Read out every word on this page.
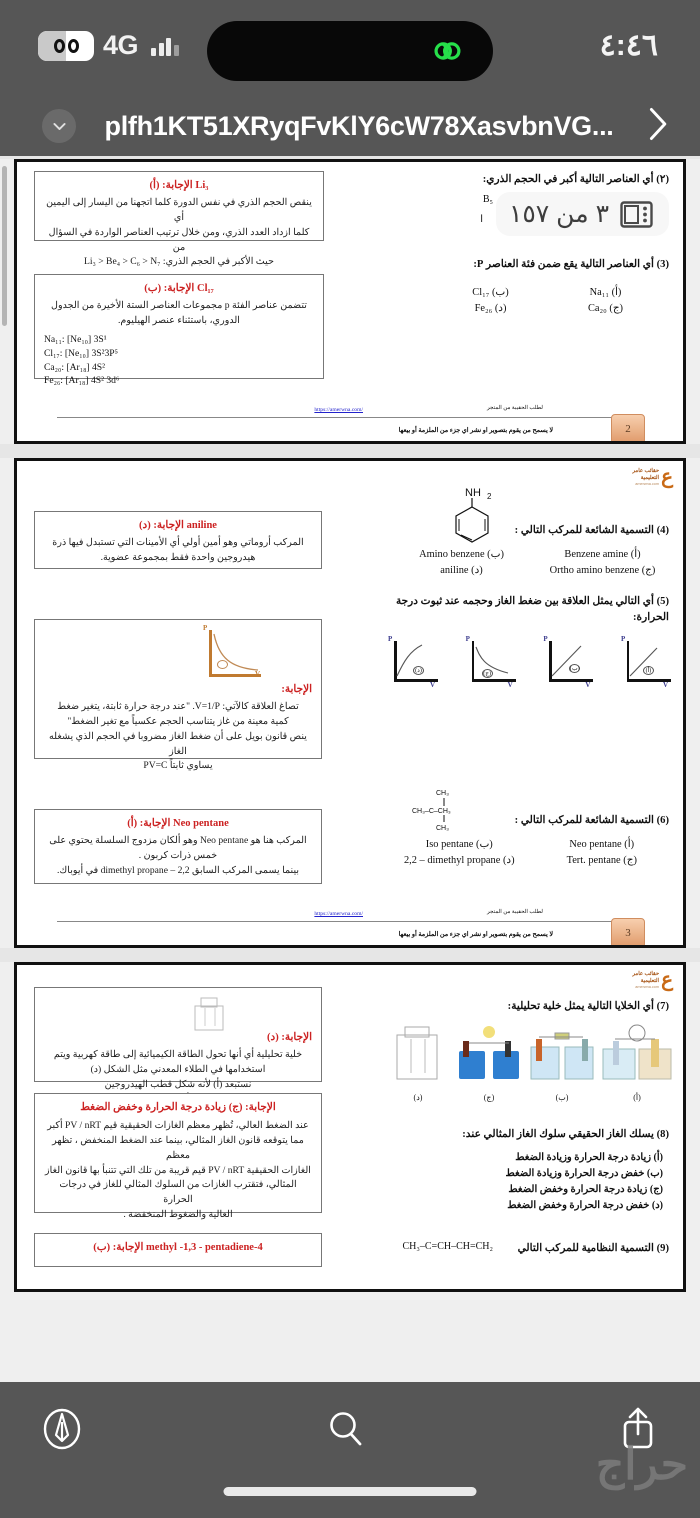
4G	٤:٤٦
plfh1KT51XRyqFvKlY6cW78XasvbnVG...
(٢) أي العناصر التالية أكبر في الحجم الذري:
B₅
ا
(3) أي العناصر التالية يقع ضمن فئة العناصر P:
Cl₁₇ (ب)	Na₁₁ (أ)
Fe₂₆ (د)	Ca₂₀ (ج)
Li₃ الإجابة: (أ)
ينقص الحجم الذري في نفس الدورة كلما اتجهنا من اليسار إلى اليمين أي
كلما ازداد العدد الذري، ومن خلال ترتيب العناصر الواردة في السؤال من
حيث الأكبر في الحجم الذري: Li₃ > Be₄ > C₆ > N₇
Cl₁₇ الإجابة: (ب)
تتضمن عناصر الفئة p مجموعات العناصر الستة الأخيرة من الجدول
الدوري، باستثناء عنصر الهيليوم.
Na₁₁: [Ne₁₀] 3S¹
Cl₁₇: [Ne₁₀] 3S²3P⁵
Ca₂₀: [Ar₁₈] 4S²
Fe₂₆: [Ar₁₈] 4S² 3d⁶
https://amerwna.com/	لطلب الحقيبة من المتجر
لا يسمح من يقوم بتصوير او نشر اي جزء من الملزمة أو بيعها	2
ع
حقائب عامر
التعليمية
amerwna.com
NH 2
(4) التسمية الشائعة للمركب التالي :
Amino benzene (ب)	Benzene amine (أ)
aniline (د)	Ortho amino benzene (ج)
(5) أي التالي يمثل العلاقة بين ضغط الغاز وحجمه عند ثبوت درجة الحرارة:
P
V
(د)
P
V
(ج)
P
V
(ب)
P
V
(أ)
CH₃
CH₃–C–CH₃
CH₃
(6) التسمية الشائعة للمركب التالي :
Iso pentane (ب)	Neo pentane (أ)
2,2 – dimethyl propane (د)	Tert. pentane (ج)
aniline الإجابة: (د)
المركب أروماتي وهو أمين أولي أي الأمينات التي تستبدل فيها ذرة
هيدروجين واحدة فقط بمجموعة عضوية.
P
الإجابة:
تصاغ العلاقة كالآتي: V=1/P. "عند درجة حرارة ثابتة، يتغير ضغط
كمية معينة من غاز يتناسب الحجم عكسياً مع تغير الضغط"
ينص قانون بويل على أن ضغط الغاز مضروبا في الحجم الذي يشغله الغاز
يساوي ثابتاً PV=C
Neo pentane الإجابة: (أ)
المركب هنا هو Neo pentane وهو ألكان مزدوج السلسلة يحتوي على
خمس ذرات كربون .
بينما يسمى المركب السابق 2,2 – dimethyl propane في أيوباك.
https://amerwna.com/	لطلب الحقيبة من المتجر
لا يسمح من يقوم بتصوير او نشر اي جزء من الملزمة أو بيعها	3
ع
حقائب عامر
التعليمية
amerwna.com
(7) أي الخلايا التالية يمثل خلية تحليلية:
(د)	(ج)	(ب)	(أ)
(8) يسلك الغاز الحقيقي سلوك الغاز المثالي عند:
(أ) زيادة درجة الحرارة وزيادة الضغط
(ب) خفض درجة الحرارة وزيادة الضغط
(ج) زيادة درجة الحرارة وخفض الضغط
(د) خفض درجة الحرارة وخفض الضغط
(9) التسمية النظامية للمركب التالي
CH₃–C=CH–CH=CH₂
الإجابة: (د)
خلية تحليلية أي أنها تحول الطاقة الكيميائية إلى طاقة كهربية ويتم
استخدامها في الطلاء المعدني مثل الشكل (د)
نستبعد (أ) لأنه شكل قطب الهيدروجين
الإجابة: (ج) زيادة درجة الحرارة وخفض الضغط
عند الضغط العالي، تُظهر معظم الغازات الحقيقية قيم PV / nRT أكبر
مما يتوقعه قانون الغاز المثالي، بينما عند الضغط المنخفض ، تظهر معظم
الغازات الحقيقية PV / nRT قيم قريبة من تلك التي تتنبأ بها قانون الغاز
المثالي، فتقترب الغازات من السلوك المثالي للغاز في درجات الحرارة
العالية والضغوط المنخفضة .
4-methyl -1,3 - pentadiene الإجابة: (ب)
٣ من ١٥٧
حراج
